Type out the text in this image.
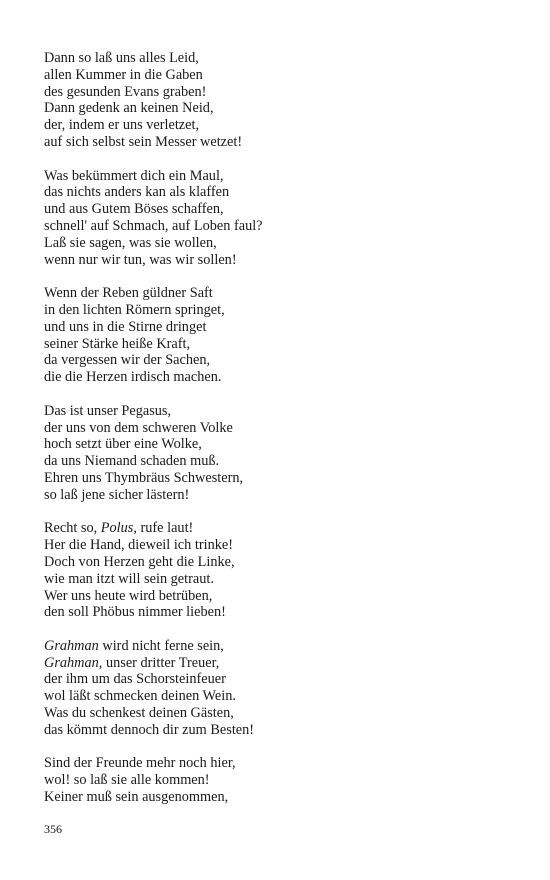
Dann so laß uns alles Leid,
allen Kummer in die Gaben
des gesunden Evans graben!
Dann gedenk an keinen Neid,
der, indem er uns verletzet,
auf sich selbst sein Messer wetzet!
Was bekümmert dich ein Maul,
das nichts anders kan als klaffen
und aus Gutem Böses schaffen,
schnell' auf Schmach, auf Loben faul?
Laß sie sagen, was sie wollen,
wenn nur wir tun, was wir sollen!
Wenn der Reben güldner Saft
in den lichten Römern springet,
und uns in die Stirne dringet
seiner Stärke heiße Kraft,
da vergessen wir der Sachen,
die die Herzen irdisch machen.
Das ist unser Pegasus,
der uns von dem schweren Volke
hoch setzt über eine Wolke,
da uns Niemand schaden muß.
Ehren uns Thymbräus Schwestern,
so laß jene sicher lästern!
Recht so, Polus, rufe laut!
Her die Hand, dieweil ich trinke!
Doch von Herzen geht die Linke,
wie man itzt will sein getraut.
Wer uns heute wird betrüben,
den soll Phöbus nimmer lieben!
Grahman wird nicht ferne sein,
Grahman, unser dritter Treuer,
der ihm um das Schorsteinfeuer
wol läßt schmecken deinen Wein.
Was du schenkest deinen Gästen,
das kömmt dennoch dir zum Besten!
Sind der Freunde mehr noch hier,
wol! so laß sie alle kommen!
Keiner muß sein ausgenommen,
356
